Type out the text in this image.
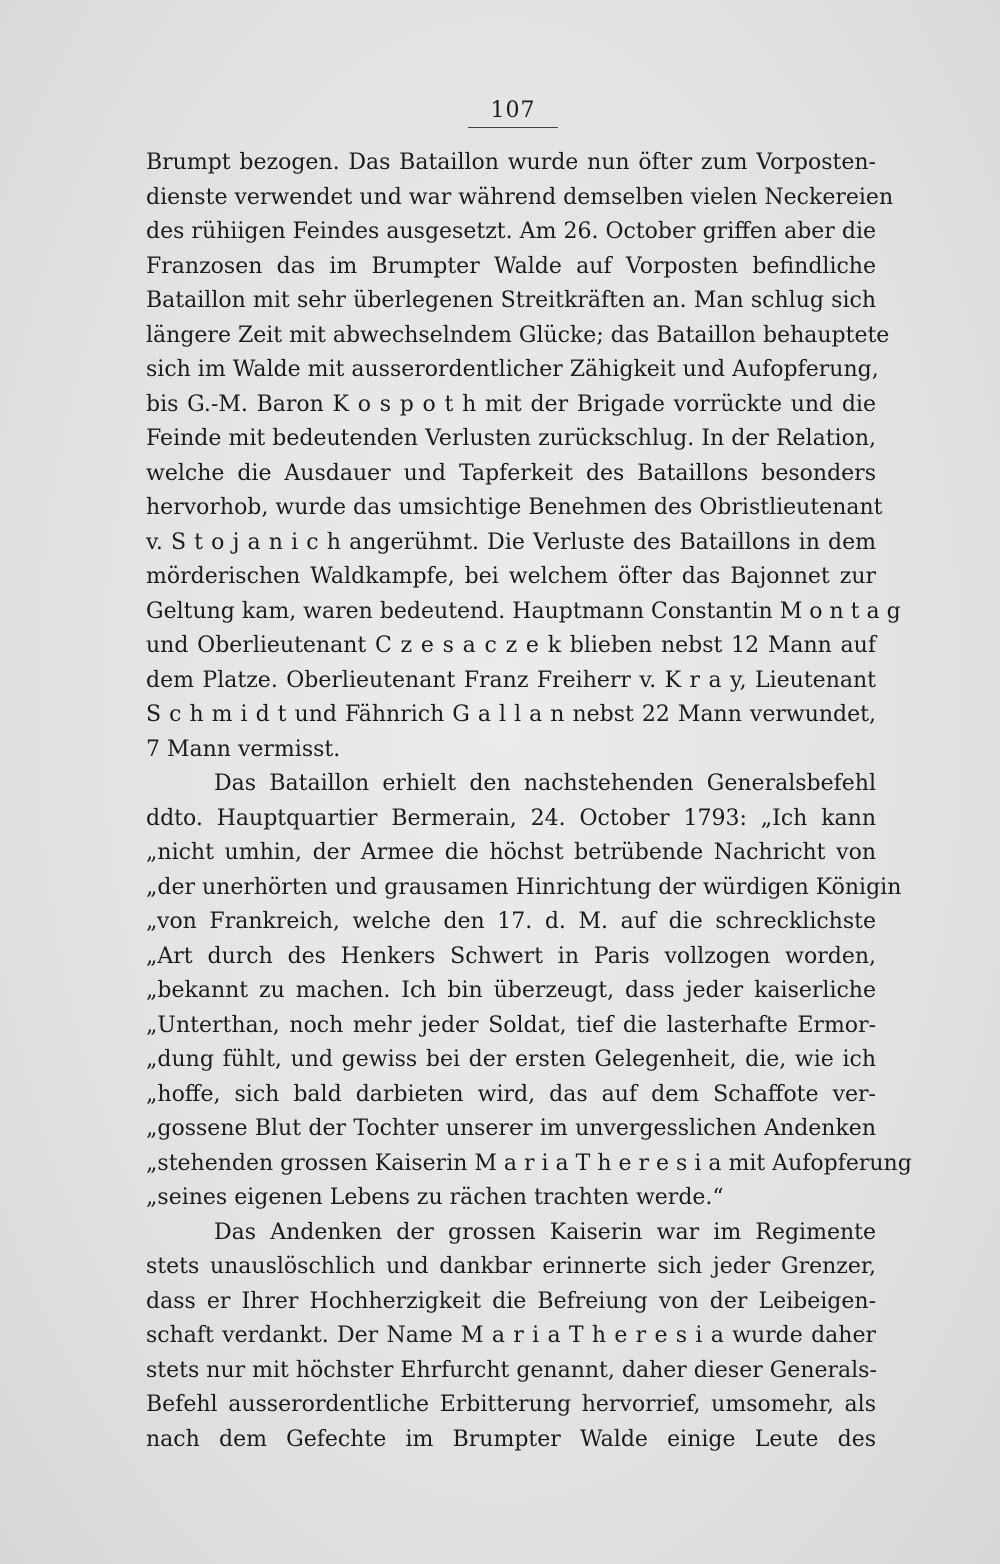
107
Brumpt bezogen. Das Bataillon wurde nun öfter zum Vorposten-
dienste verwendet und war während demselben vielen Neckereien
des rühiigen Feindes ausgesetzt. Am 26. October griffen aber die
Franzosen das im Brumpter Walde auf Vorposten befindliche
Bataillon mit sehr überlegenen Streitkräften an. Man schlug sich
längere Zeit mit abwechselndem Glücke; das Bataillon behauptete
sich im Walde mit ausserordentlicher Zähigkeit und Aufopferung,
bis G.-M. Baron K o s p o t h mit der Brigade vorrückte und die
Feinde mit bedeutenden Verlusten zurückschlug. In der Relation,
welche die Ausdauer und Tapferkeit des Bataillons besonders
hervorhob, wurde das umsichtige Benehmen des Obristlieutenant
v. S t o j a n i c h angerühmt. Die Verluste des Bataillons in dem
mörderischen Waldkampfe, bei welchem öfter das Bajonnet zur
Geltung kam, waren bedeutend. Hauptmann Constantin M o n t a g
und Oberlieutenant C z e s a c z e k blieben nebst 12 Mann auf
dem Platze. Oberlieutenant Franz Freiherr v. K r a y, Lieutenant
S c h m i d t und Fähnrich G a l l a n nebst 22 Mann verwundet,
7 Mann vermisst.
Das Bataillon erhielt den nachstehenden Generalsbefehl
ddto. Hauptquartier Bermerain, 24. October 1793: „Ich kann
„nicht umhin, der Armee die höchst betrübende Nachricht von
„der unerhörten und grausamen Hinrichtung der würdigen Königin
„von Frankreich, welche den 17. d. M. auf die schrecklichste
„Art durch des Henkers Schwert in Paris vollzogen worden,
„bekannt zu machen. Ich bin überzeugt, dass jeder kaiserliche
„Unterthan, noch mehr jeder Soldat, tief die lasterhafte Ermor-
„dung fühlt, und gewiss bei der ersten Gelegenheit, die, wie ich
„hoffe, sich bald darbieten wird, das auf dem Schaffote ver-
„gossene Blut der Tochter unserer im unvergesslichen Andenken
„stehenden grossen Kaiserin M a r i a T h e r e s i a mit Aufopferung
„seines eigenen Lebens zu rächen trachten werde.“
Das Andenken der grossen Kaiserin war im Regimente
stets unauslöschlich und dankbar erinnerte sich jeder Grenzer,
dass er Ihrer Hochherzigkeit die Befreiung von der Leibeigen-
schaft verdankt. Der Name M a r i a T h e r e s i a wurde daher
stets nur mit höchster Ehrfurcht genannt, daher dieser Generals-
Befehl ausserordentliche Erbitterung hervorrief, umsomehr, als
nach dem Gefechte im Brumpter Walde einige Leute des
